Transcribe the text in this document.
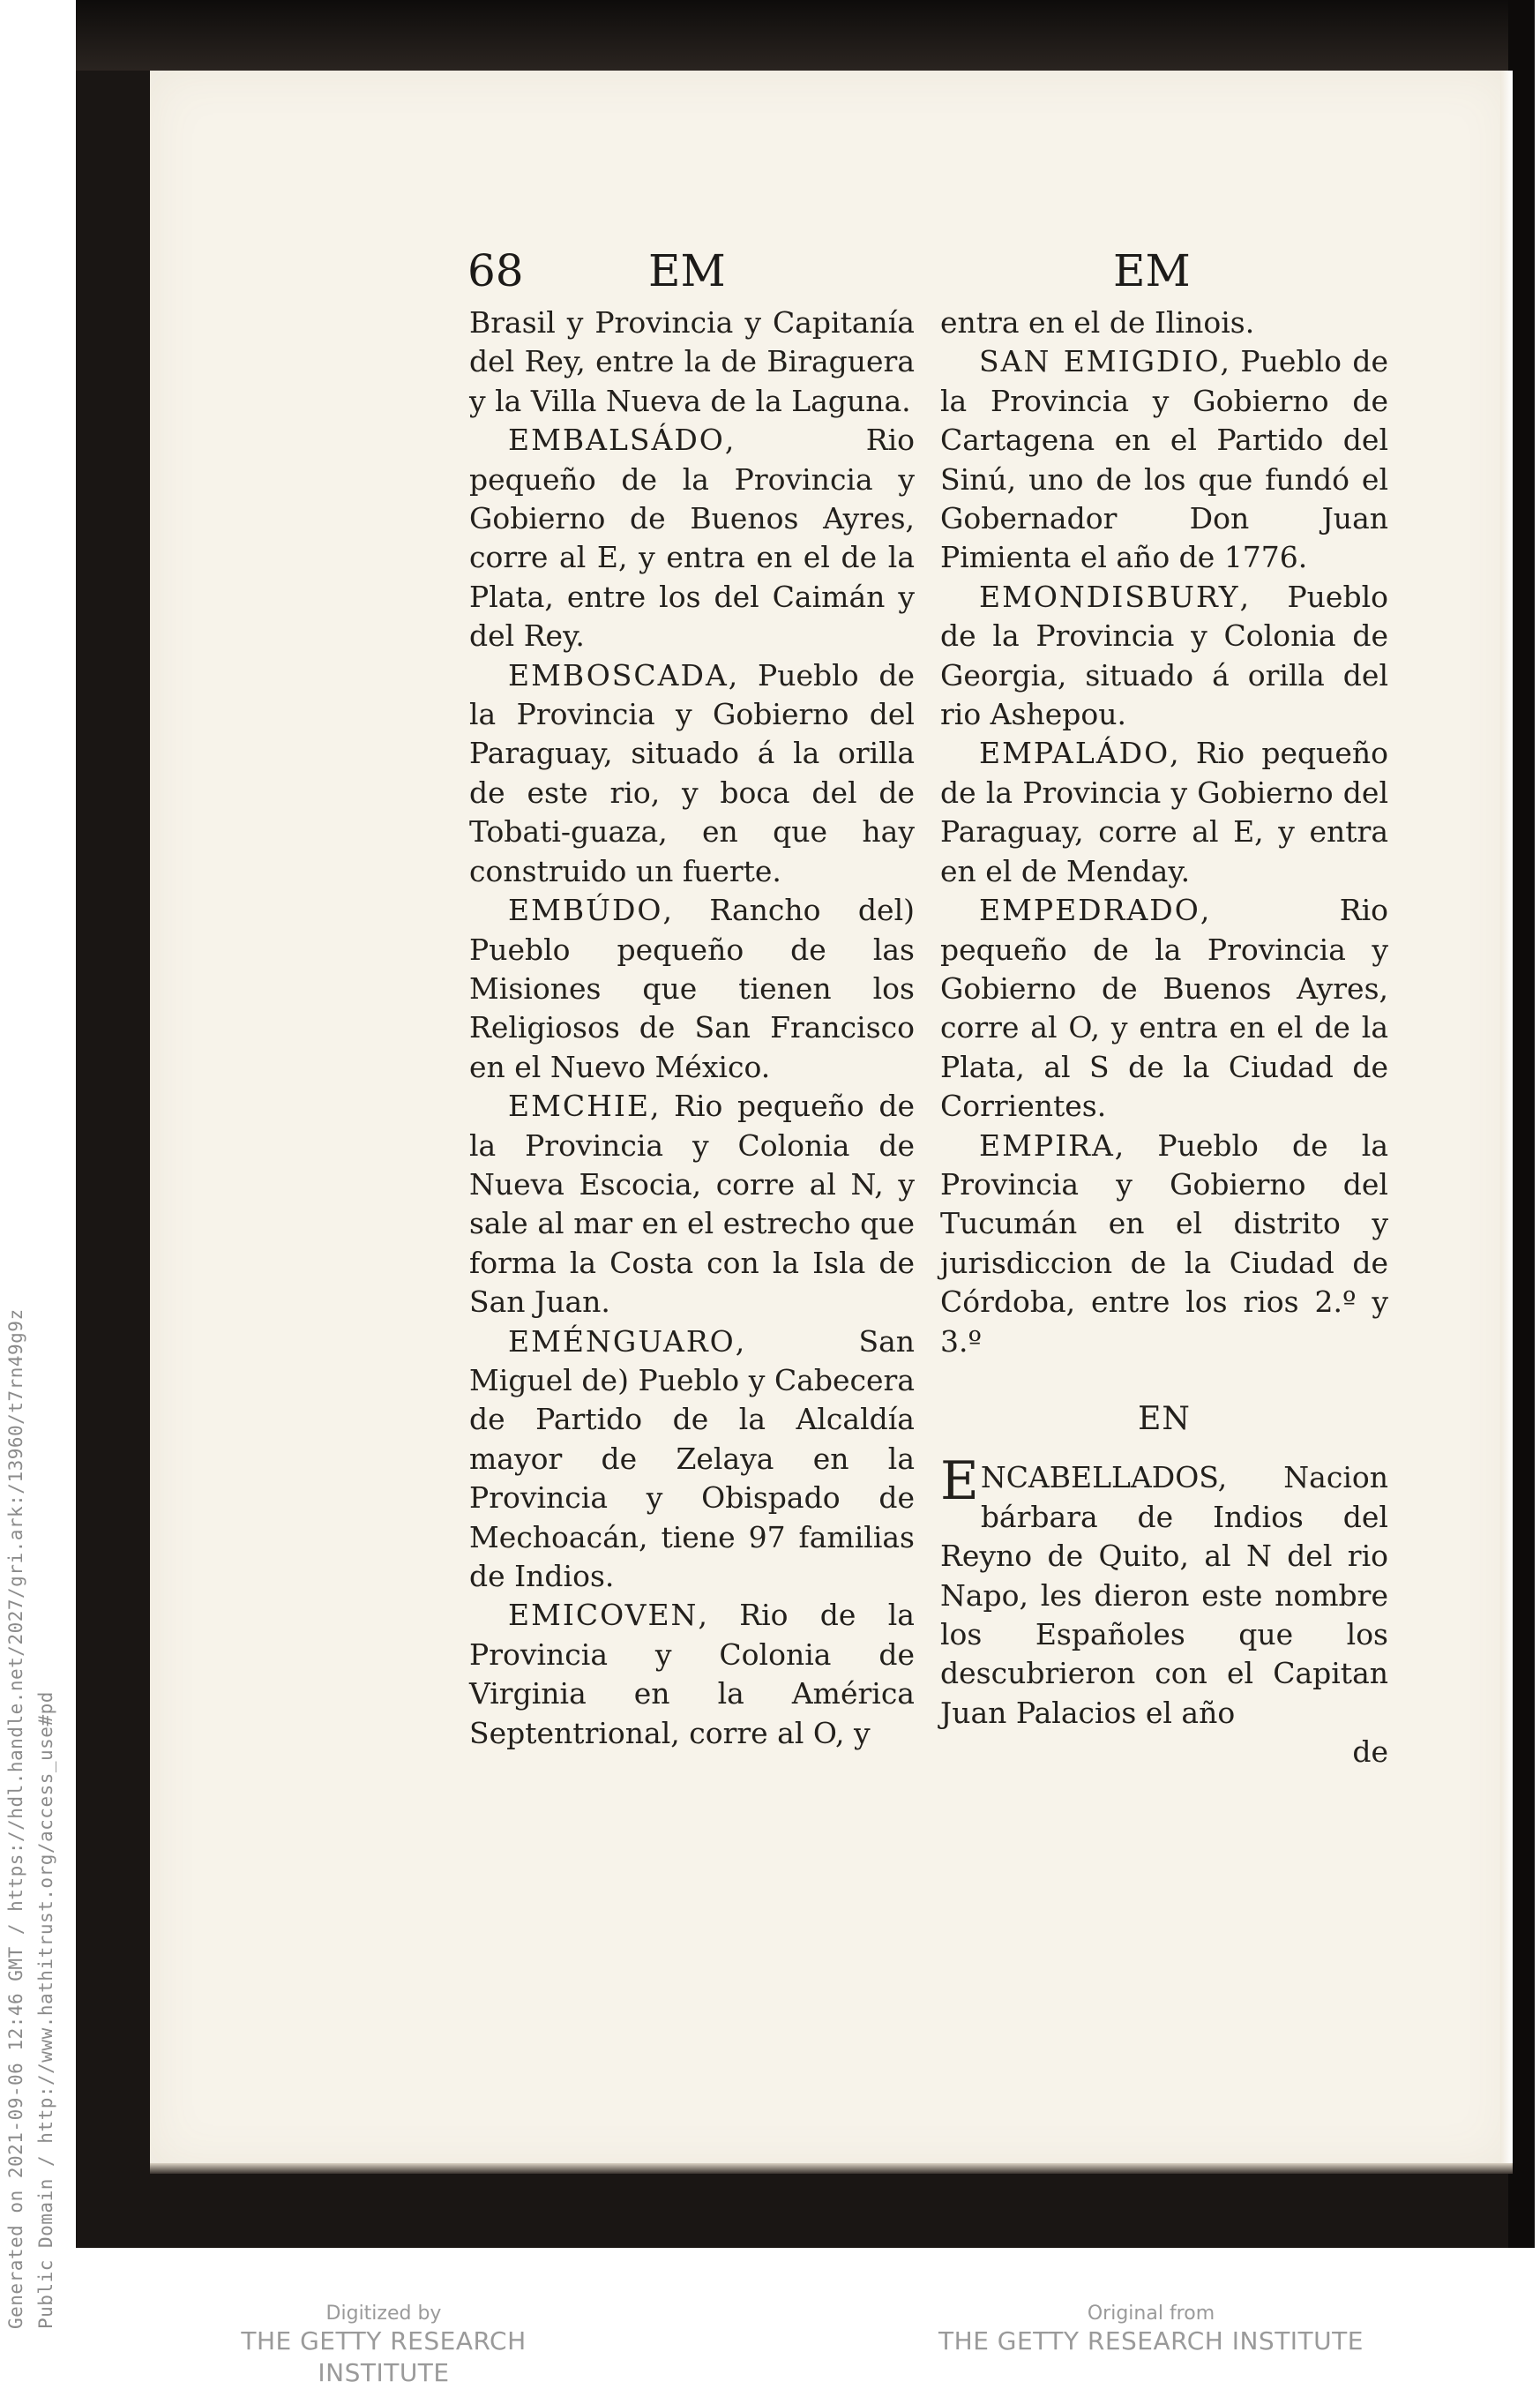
Generated on 2021-09-06 12:46 GMT / https://hdl.handle.net/2027/gri.ark:/13960/t7rn49g9z Public Domain / http://www.hathitrust.org/access_use#pd
68	EM	EM

Brasil y Provincia y Capitanía del Rey, entre la de Biraguera y la Villa Nueva de la Laguna.

EMBALSÁDO, Rio pequeño de la Provincia y Gobierno de Buenos Ayres, corre al E, y entra en el de la Plata, entre los del Caimán y del Rey.

EMBOSCADA, Pueblo de la Provincia y Gobierno del Paraguay, situado á la orilla de este rio, y boca del de Tobati-guaza, en que hay construido un fuerte.

EMBÚDO, Rancho del) Pueblo pequeño de las Misiones que tienen los Religiosos de San Francisco en el Nuevo México.

EMCHIE, Rio pequeño de la Provincia y Colonia de Nueva Escocia, corre al N, y sale al mar en el estrecho que forma la Costa con la Isla de San Juan.

EMÉNGUARO, San Miguel de) Pueblo y Cabecera de Partido de la Alcaldía mayor de Zelaya en la Provincia y Obispado de Mechoacán, tiene 97 familias de Indios.

EMICOVEN, Rio de la Provincia y Colonia de Virginia en la América Septentrional, corre al O, y

entra en el de Ilinois.

SAN EMIGDIO, Pueblo de la Provincia y Gobierno de Cartagena en el Partido del Sinú, uno de los que fundó el Gobernador Don Juan Pimienta el año de 1776.

EMONDISBURY, Pueblo de la Provincia y Colonia de Georgia, situado á orilla del rio Ashepou.

EMPALÁDO, Rio pequeño de la Provincia y Gobierno del Paraguay, corre al E, y entra en el de Menday.

EMPEDRADO, Rio pequeño de la Provincia y Gobierno de Buenos Ayres, corre al O, y entra en el de la Plata, al S de la Ciudad de Corrientes.

EMPIRA, Pueblo de la Provincia y Gobierno del Tucumán en el distrito y jurisdiccion de la Ciudad de Córdoba, entre los rios 2.º y 3.º

EN

ENCABELLADOS, Nacion bárbara de Indios del Reyno de Quito, al N del rio Napo, les dieron este nombre los Españoles que los descubrieron con el Capitan Juan Palacios el año

de
Digitized by
THE GETTY RESEARCH INSTITUTE
Original from
THE GETTY RESEARCH INSTITUTE
